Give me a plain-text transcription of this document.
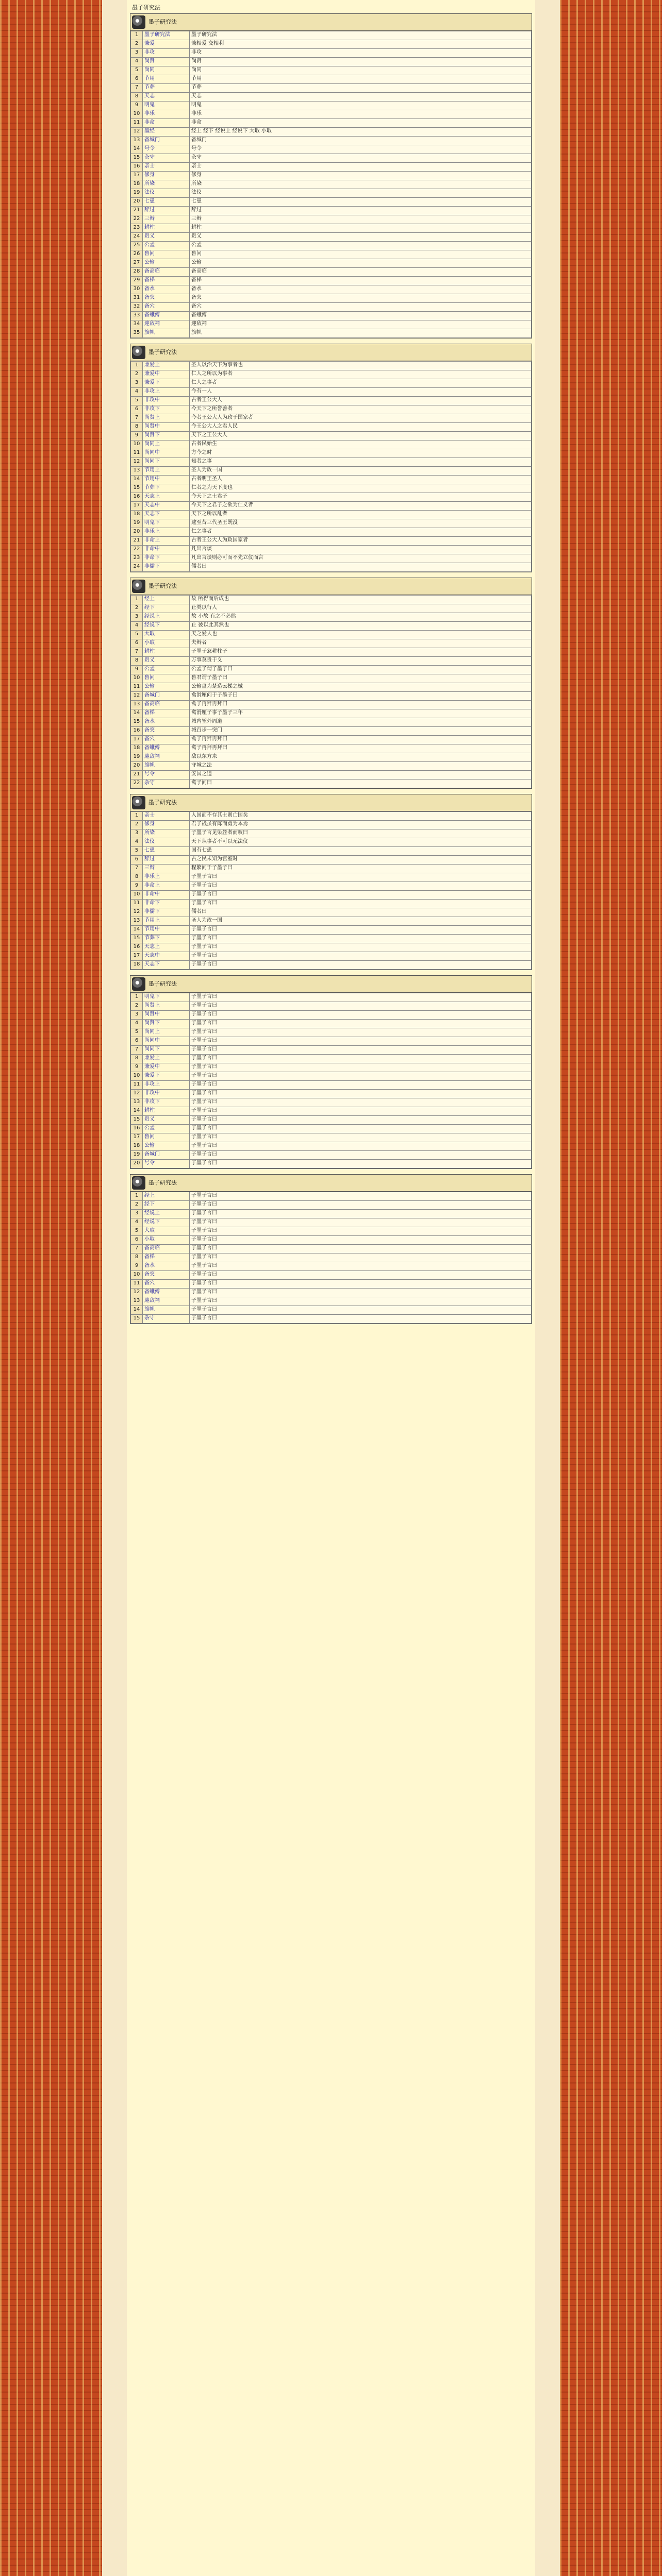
墨子研究法
墨子研究法
1	墨子研究法	墨子研究法
2	兼爱	兼相爱 交相利
3	非攻	非攻
4	尚贤	尚贤
5	尚同	尚同
6	节用	节用
7	节葬	节葬
8	天志	天志
9	明鬼	明鬼
10	非乐	非乐
11	非命	非命
12	墨经	经上 经下 经说上 经说下 大取 小取
13	备城门	备城门
14	号令	号令
15	杂守	杂守
16	亲士	亲士
17	修身	修身
18	所染	所染
19	法仪	法仪
20	七患	七患
21	辞过	辞过
22	三辩	三辩
23	耕柱	耕柱
24	贵义	贵义
25	公孟	公孟
26	鲁问	鲁问
27	公输	公输
28	备高临	备高临
29	备梯	备梯
30	备水	备水
31	备突	备突
32	备穴	备穴
33	备蛾傅	备蛾傅
34	迎敌祠	迎敌祠
35	旗帜	旗帜
墨子研究法
1	兼爱上	圣人以治天下为事者也
2	兼爱中	仁人之所以为事者
3	兼爱下	仁人之事者
4	非攻上	今有一人
5	非攻中	古者王公大人
6	非攻下	今天下之所誉善者
7	尚贤上	今者王公大人为政于国家者
8	尚贤中	今王公大人之君人民
9	尚贤下	天下之王公大人
10	尚同上	古者民始生
11	尚同中	方今之时
12	尚同下	知者之事
13	节用上	圣人为政一国
14	节用中	古者明王圣人
15	节葬下	仁者之为天下度也
16	天志上	今天下之士君子
17	天志中	今天下之君子之欲为仁义者
18	天志下	天下之所以乱者
19	明鬼下	逮至昔三代圣王既没
20	非乐上	仁之事者
21	非命上	古者王公大人为政国家者
22	非命中	凡出言谈
23	非命下	凡出言谈则必可而不先立仪而言
24	非儒下	儒者曰
墨子研究法
1	经上	故 所得而后成也
2	经下	止类以行人
3	经说上	故 小故 有之不必然
4	经说下	止 彼以此其然也
5	大取	天之爱人也
6	小取	夫辩者
7	耕柱	子墨子怒耕柱子
8	贵义	万事莫贵于义
9	公孟	公孟子谓子墨子曰
10	鲁问	鲁君谓子墨子曰
11	公输	公输盘为楚造云梯之械
12	备城门	禽滑厘问于子墨子曰
13	备高临	禽子再拜再拜曰
14	备梯	禽滑厘子事子墨子三年
15	备水	城内堑外周道
16	备突	城百步一突门
17	备穴	禽子再拜再拜曰
18	备蛾傅	禽子再拜再拜曰
19	迎敌祠	敌以东方来
20	旗帜	守城之法
21	号令	安国之道
22	杂守	禽子问曰
墨子研究法
1	亲士	入国而不存其士则亡国矣
2	修身	君子战虽有陈而勇为本焉
3	所染	子墨子言见染丝者而叹曰
4	法仪	天下从事者不可以无法仪
5	七患	国有七患
6	辞过	古之民未知为宫室时
7	三辩	程繁问于子墨子曰
8	非乐上	子墨子言曰
9	非命上	子墨子言曰
10	非命中	子墨子言曰
11	非命下	子墨子言曰
12	非儒下	儒者曰
13	节用上	圣人为政一国
14	节用中	子墨子言曰
15	节葬下	子墨子言曰
16	天志上	子墨子言曰
17	天志中	子墨子言曰
18	天志下	子墨子言曰
墨子研究法
1	明鬼下	子墨子言曰
2	尚贤上	子墨子言曰
3	尚贤中	子墨子言曰
4	尚贤下	子墨子言曰
5	尚同上	子墨子言曰
6	尚同中	子墨子言曰
7	尚同下	子墨子言曰
8	兼爱上	子墨子言曰
9	兼爱中	子墨子言曰
10	兼爱下	子墨子言曰
11	非攻上	子墨子言曰
12	非攻中	子墨子言曰
13	非攻下	子墨子言曰
14	耕柱	子墨子言曰
15	贵义	子墨子言曰
16	公孟	子墨子言曰
17	鲁问	子墨子言曰
18	公输	子墨子言曰
19	备城门	子墨子言曰
20	号令	子墨子言曰
墨子研究法
1	经上	子墨子言曰
2	经下	子墨子言曰
3	经说上	子墨子言曰
4	经说下	子墨子言曰
5	大取	子墨子言曰
6	小取	子墨子言曰
7	备高临	子墨子言曰
8	备梯	子墨子言曰
9	备水	子墨子言曰
10	备突	子墨子言曰
11	备穴	子墨子言曰
12	备蛾傅	子墨子言曰
13	迎敌祠	子墨子言曰
14	旗帜	子墨子言曰
15	杂守	子墨子言曰
